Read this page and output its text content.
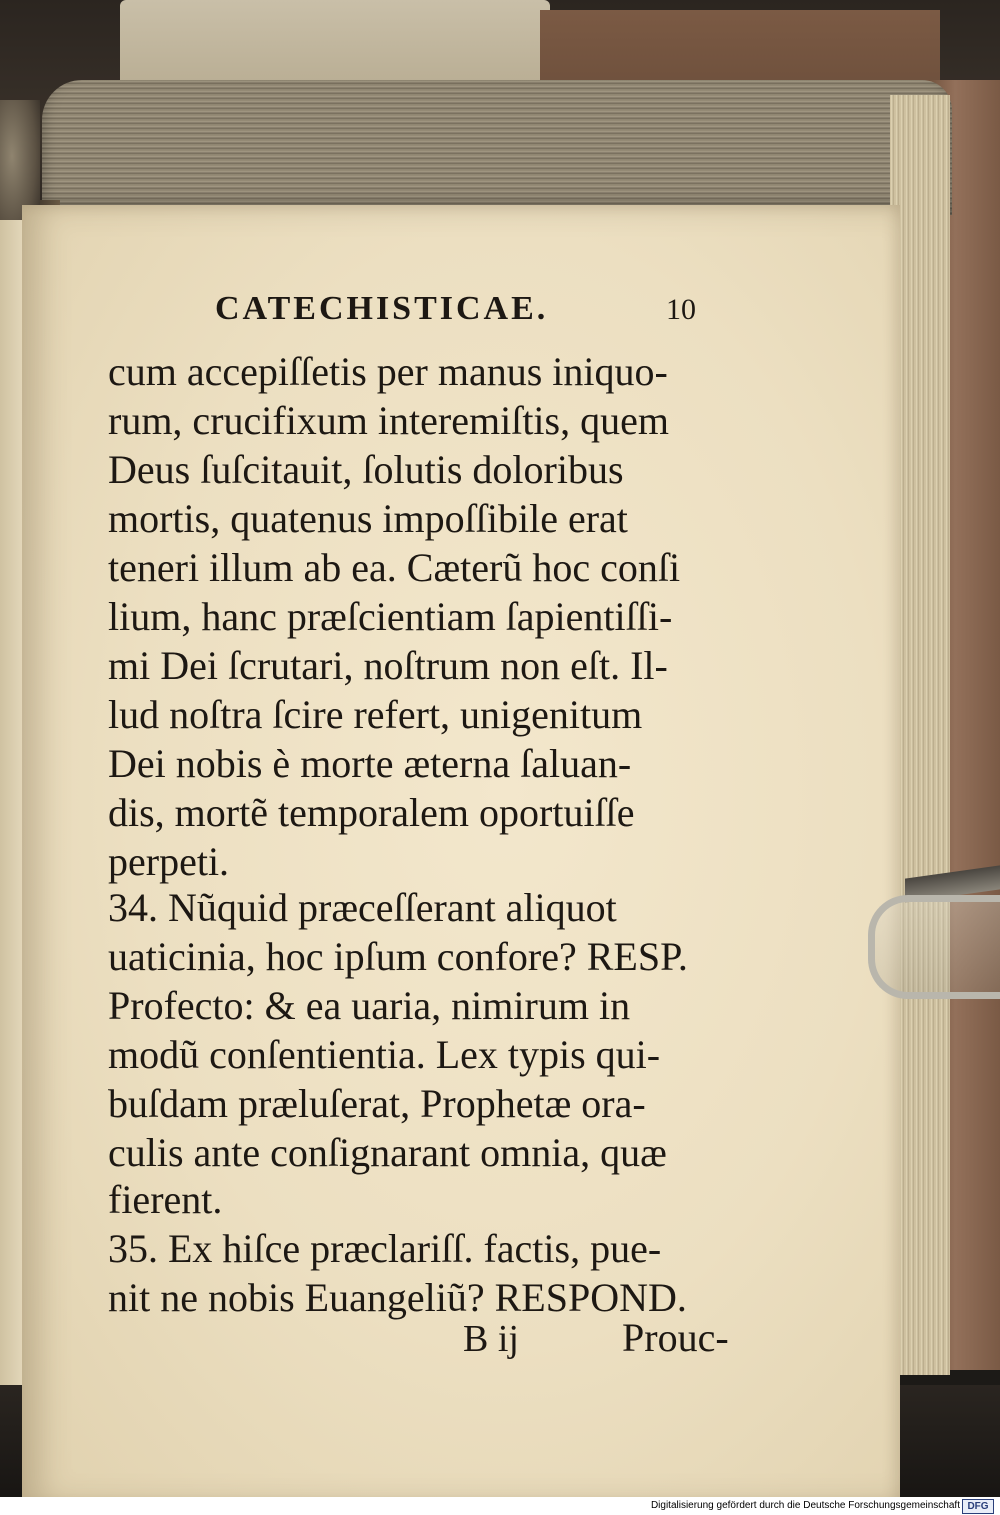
CATECHISTICAE.	10
cum accepiſſetis per manus iniquo-
rum, crucifixum interemiſtis, quem
Deus ſuſcitauit, ſolutis doloribus
mortis, quatenus impoſſibile erat
teneri illum ab ea. Cæterũ hoc conſi
lium, hanc præſcientiam ſapientiſſi-
mi Dei ſcrutari, noſtrum non eſt. Il-
lud noſtra ſcire refert, unigenitum
Dei nobis è morte æterna ſaluan-
dis, mortẽ temporalem oportuiſſe
perpeti.
34. Nũquid præceſſerant aliquot
uaticinia, hoc ipſum confore? RESP.
Profecto: & ea uaria, nimirum in
modũ conſentientia. Lex typis qui-
buſdam præluſerat, Prophetæ ora-
culis ante conſignarant omnia, quæ
fierent.
35. Ex hiſce præclariſſ. factis, pue-
nit ne nobis Euangeliũ? RESPOND.
B ij	Prouc-
Digitalisierung gefördert durch die Deutsche Forschungsgemeinschaft DFG
